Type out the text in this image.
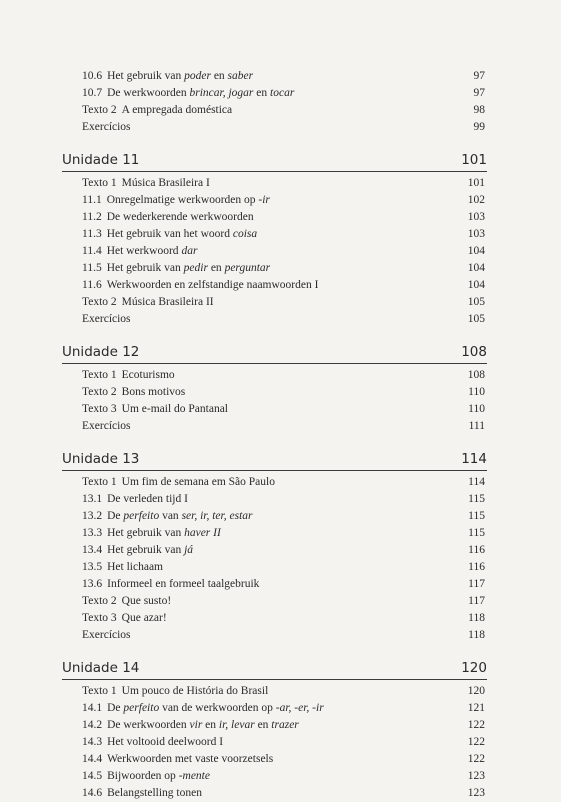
10.6 Het gebruik van poder en saber	97
10.7 De werkwoorden brincar, jogar en tocar	97
Texto 2 A empregada doméstica	98
Exercícios	99
Unidade 11	101
Texto 1 Música Brasileira I	101
11.1 Onregelmatige werkwoorden op -ir	102
11.2 De wederkerende werkwoorden	103
11.3 Het gebruik van het woord coisa	103
11.4 Het werkwoord dar	104
11.5 Het gebruik van pedir en perguntar	104
11.6 Werkwoorden en zelfstandige naamwoorden I	104
Texto 2 Música Brasileira II	105
Exercícios	105
Unidade 12	108
Texto 1 Ecoturismo	108
Texto 2 Bons motivos	110
Texto 3 Um e-mail do Pantanal	110
Exercícios	111
Unidade 13	114
Texto 1 Um fim de semana em São Paulo	114
13.1 De verleden tijd I	115
13.2 De perfeito van ser, ir, ter, estar	115
13.3 Het gebruik van haver II	115
13.4 Het gebruik van já	116
13.5 Het lichaam	116
13.6 Informeel en formeel taalgebruik	117
Texto 2 Que susto!	117
Texto 3 Que azar!	118
Exercícios	118
Unidade 14	120
Texto 1 Um pouco de História do Brasil	120
14.1 De perfeito van de werkwoorden op -ar, -er, -ir	121
14.2 De werkwoorden vir en ir, levar en trazer	122
14.3 Het voltooid deelwoord I	122
14.4 Werkwoorden met vaste voorzetsels	122
14.5 Bijwoorden op -mente	123
14.6 Belangstelling tonen	123
